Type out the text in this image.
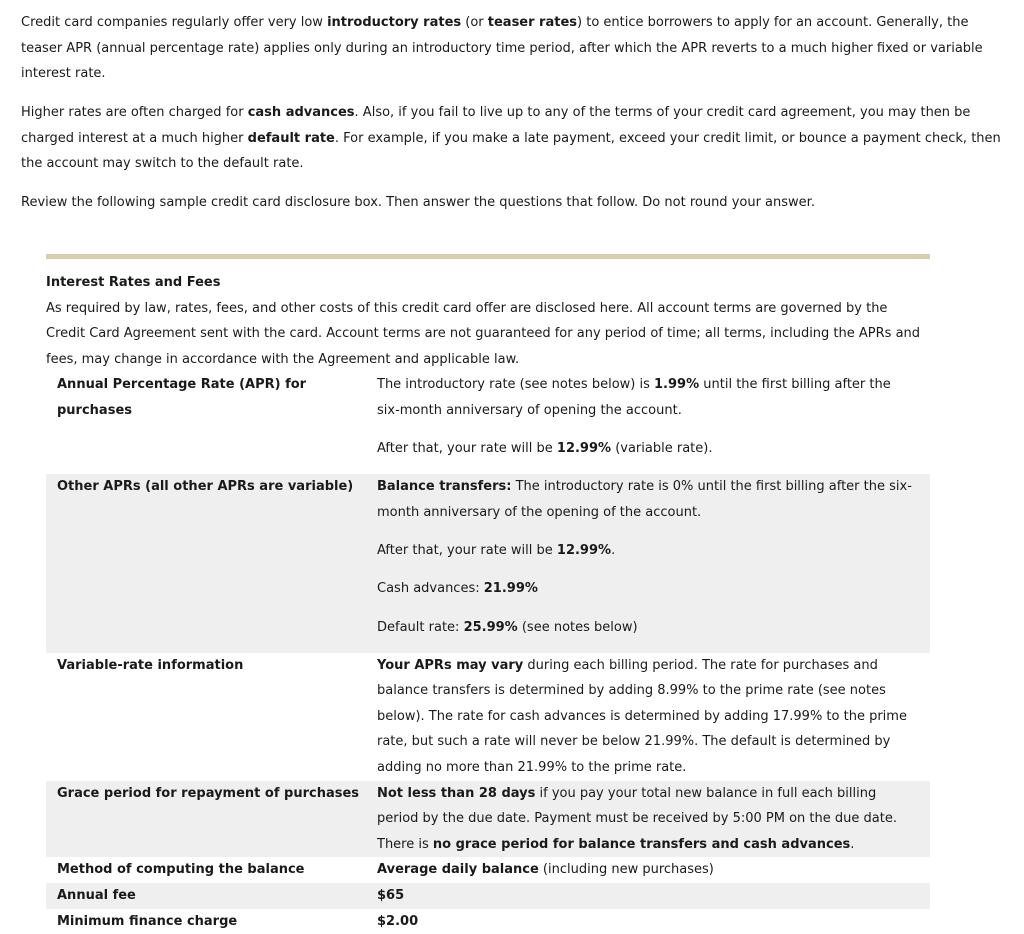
Credit card companies regularly offer very low introductory rates (or teaser rates) to entice borrowers to apply for an account. Generally, the teaser APR (annual percentage rate) applies only during an introductory time period, after which the APR reverts to a much higher fixed or variable interest rate.

Higher rates are often charged for cash advances. Also, if you fail to live up to any of the terms of your credit card agreement, you may then be charged interest at a much higher default rate. For example, if you make a late payment, exceed your credit limit, or bounce a payment check, then the account may switch to the default rate.

Review the following sample credit card disclosure box. Then answer the questions that follow. Do not round your answer.

Interest Rates and Fees

As required by law, rates, fees, and other costs of this credit card offer are disclosed here. All account terms are governed by the Credit Card Agreement sent with the card. Account terms are not guaranteed for any period of time; all terms, including the APRs and fees, may change in accordance with the Agreement and applicable law.

Annual Percentage Rate (APR) for purchases	The introductory rate (see notes below) is 1.99% until the first billing after the six-month anniversary of opening the account.

After that, your rate will be 12.99% (variable rate).

Other APRs (all other APRs are variable)	Balance transfers: The introductory rate is 0% until the first billing after the six-month anniversary of the opening of the account.

After that, your rate will be 12.99%.

Cash advances: 21.99%

Default rate: 25.99% (see notes below)

Variable-rate information	Your APRs may vary during each billing period. The rate for purchases and balance transfers is determined by adding 8.99% to the prime rate (see notes below). The rate for cash advances is determined by adding 17.99% to the prime rate, but such a rate will never be below 21.99%. The default is determined by adding no more than 21.99% to the prime rate.

Grace period for repayment of purchases	Not less than 28 days if you pay your total new balance in full each billing period by the due date. Payment must be received by 5:00 PM on the due date. There is no grace period for balance transfers and cash advances.

Method of computing the balance	Average daily balance (including new purchases)

Annual fee	$65
Minimum finance charge	$2.00
